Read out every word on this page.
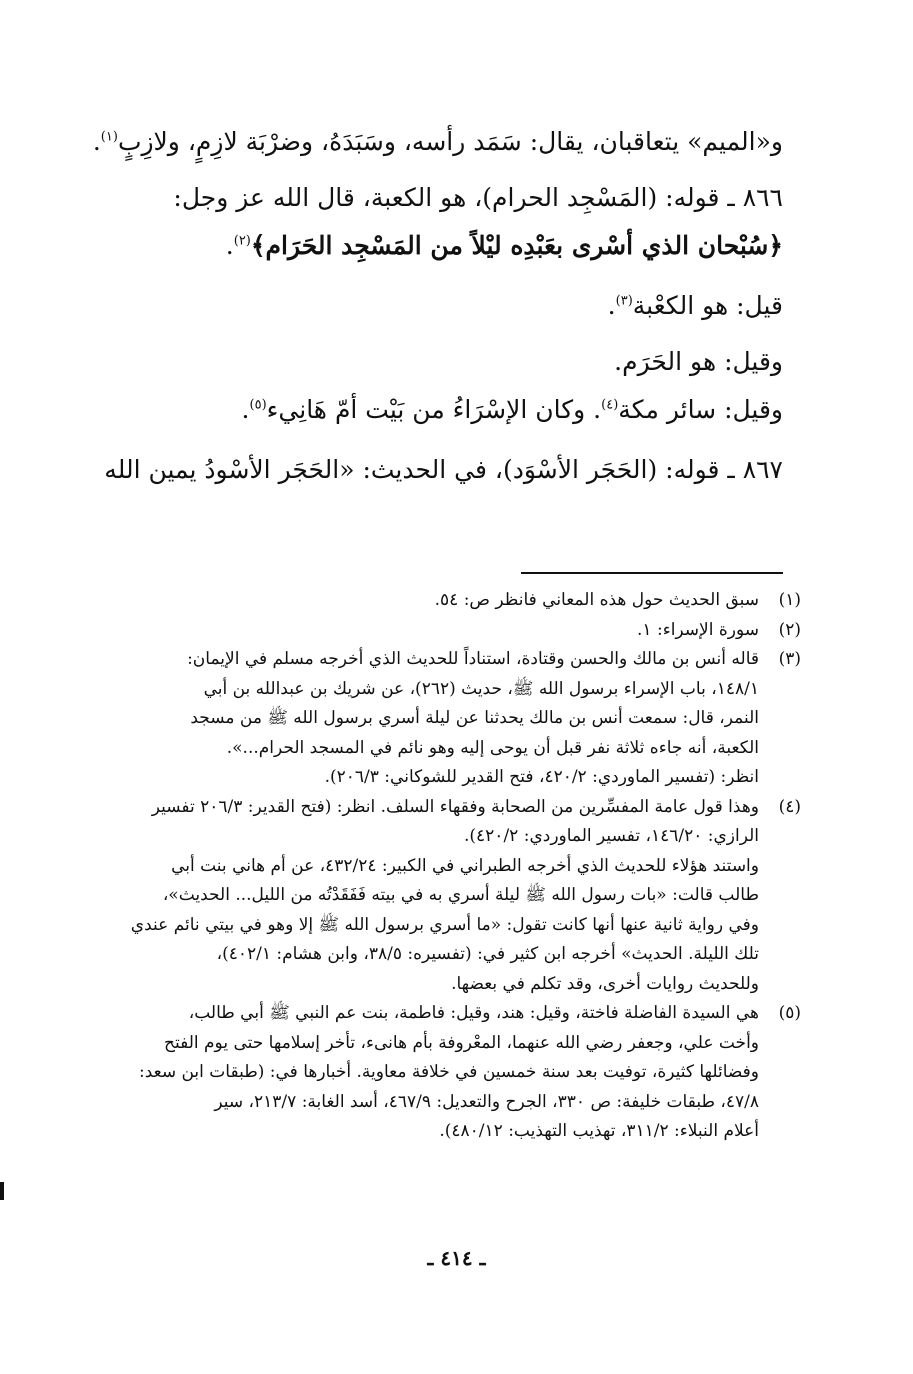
و«الميم» يتعاقبان، يقال: سَمَد رأسه، وسَبَدَهُ، وضرْبَة لازِمٍ، ولازِبٍ$^{(١)}$.

٨٦٦ ـ قوله: (المَسْجِد الحرام)، هو الكعبة، قال الله عز وجل:

﴿سُبْحان الذي أسْرى بعَبْدِه ليْلاً من المَسْجِد الحَرَام﴾$^{(٢)}$.

قيل: هو الكعْبة$^{(٣)}$.

وقيل: هو الحَرَم.

وقيل: سائر مكة$^{(٤)}$. وكان الإسْرَاءُ من بَيْت أمّ هَانِيء$^{(٥)}$.

٨٦٧ ـ قوله: (الحَجَر الأسْوَد)، في الحديث: «الحَجَر الأسْودُ يمين الله

(١)
سبق الحديث حول هذه المعاني فانظر ص: ٥٤.
(٢)
سورة الإسراء: ١.
(٣)
قاله أنس بن مالك والحسن وقتادة، استناداً للحديث الذي أخرجه مسلم في الإيمان:
١٤٨/١، باب الإسراء برسول الله ﷺ، حديث (٢٦٢)، عن شريك بن عبدالله بن أبي
النمر، قال: سمعت أنس بن مالك يحدثنا عن ليلة أسري برسول الله ﷺ من مسجد
الكعبة، أنه جاءه ثلاثة نفر قبل أن يوحى إليه وهو نائم في المسجد الحرام...».
انظر: (تفسير الماوردي: ٤٢٠/٢، فتح القدير للشوكاني: ٢٠٦/٣).
(٤)
وهذا قول عامة المفسِّرين من الصحابة وفقهاء السلف. انظر: (فتح القدير: ٢٠٦/٣ تفسير
الرازي: ١٤٦/٢٠، تفسير الماوردي: ٤٢٠/٢).
واستند هؤلاء للحديث الذي أخرجه الطبراني في الكبير: ٤٣٢/٢٤، عن أم هاني بنت أبي
طالب قالت: «بات رسول الله ﷺ ليلة أسري به في بيته فَفَقَدْتُه من الليل... الحديث»،
وفي رواية ثانية عنها أنها كانت تقول: «ما أسري برسول الله ﷺ إلا وهو في بيتي نائم عندي
تلك الليلة. الحديث» أخرجه ابن كثير في: (تفسيره: ٣٨/٥، وابن هشام: ٤٠٢/١)،
وللحديث روايات أخرى، وقد تكلم في بعضها.
(٥)
هي السيدة الفاضلة فاختة، وقيل: هند، وقيل: فاطمة، بنت عم النبي ﷺ أبي طالب،
وأخت علي، وجعفر رضي الله عنهما، المعْروفة بأم هانىء، تأخر إسلامها حتى يوم الفتح
وفضائلها كثيرة، توفيت بعد سنة خمسين في خلافة معاوية. أخبارها في: (طبقات ابن سعد:
٤٧/٨، طبقات خليفة: ص ٣٣٠، الجرح والتعديل: ٤٦٧/٩، أسد الغابة: ٢١٣/٧، سير
أعلام النبلاء: ٣١١/٢، تهذيب التهذيب: ٤٨٠/١٢).
ـ ٤١٤ ـ
